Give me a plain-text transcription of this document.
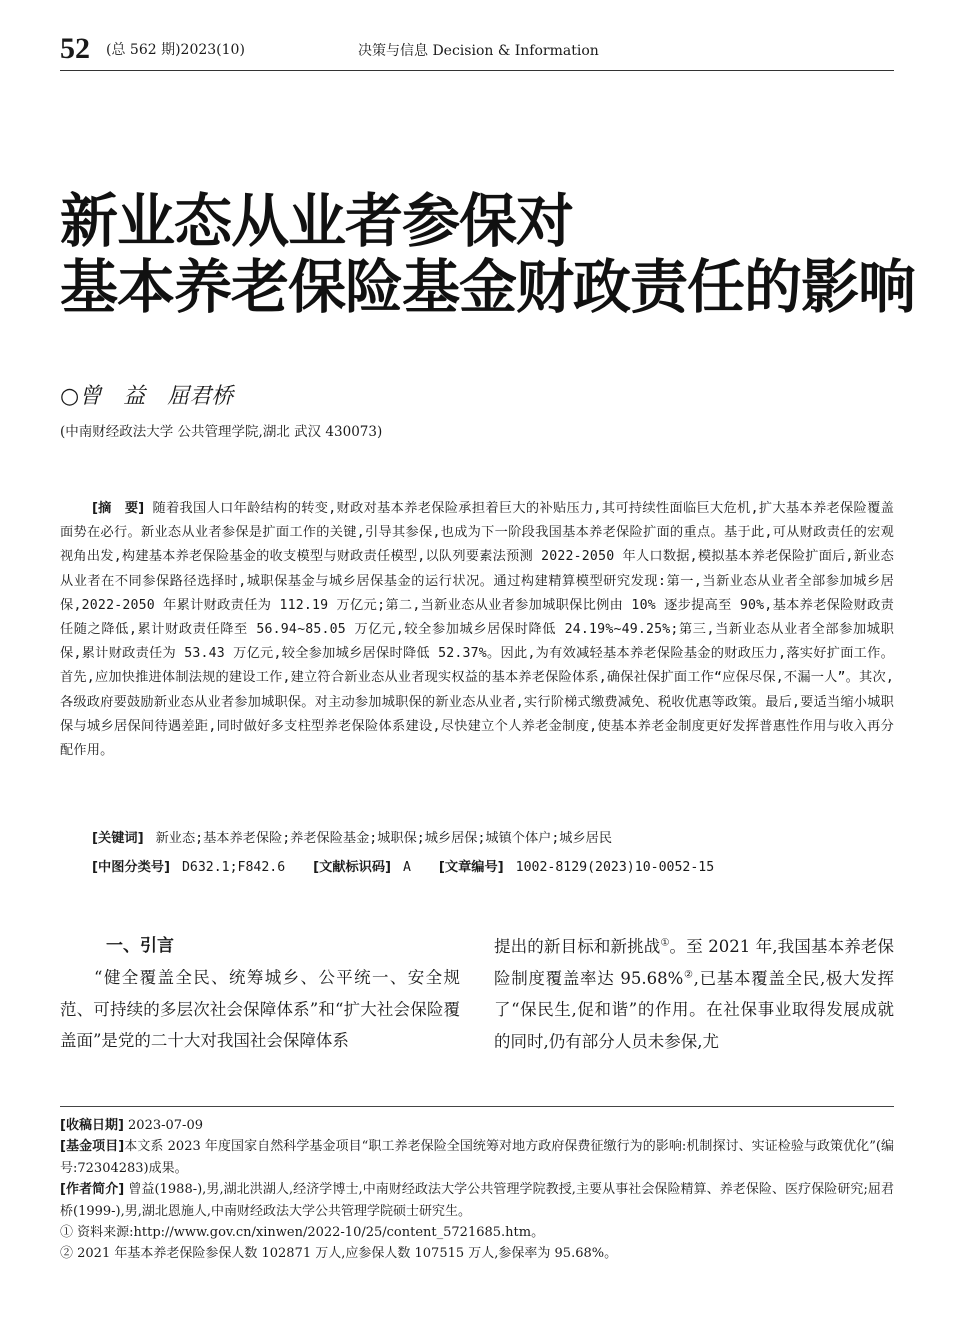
52 (总 562 期)2023(10)	决策与信息 Decision & Information
新业态从业者参保对
基本养老保险基金财政责任的影响
○曾　益　屈君桥
(中南财经政法大学 公共管理学院,湖北 武汉 430073)
[摘　要] 随着我国人口年龄结构的转变,财政对基本养老保险承担着巨大的补贴压力,其可持续性面临巨大危机,扩大基本养老保险覆盖面势在必行。新业态从业者参保是扩面工作的关键,引导其参保,也成为下一阶段我国基本养老保险扩面的重点。基于此,可从财政责任的宏观视角出发,构建基本养老保险基金的收支模型与财政责任模型,以队列要素法预测 2022-2050 年人口数据,模拟基本养老保险扩面后,新业态从业者在不同参保路径选择时,城职保基金与城乡居保基金的运行状况。通过构建精算模型研究发现:第一,当新业态从业者全部参加城乡居保,2022-2050 年累计财政责任为 112.19 万亿元;第二,当新业态从业者参加城职保比例由 10% 逐步提高至 90%,基本养老保险财政责任随之降低,累计财政责任降至 56.94~85.05 万亿元,较全参加城乡居保时降低 24.19%~49.25%;第三,当新业态从业者全部参加城职保,累计财政责任为 53.43 万亿元,较全参加城乡居保时降低 52.37%。因此,为有效减轻基本养老保险基金的财政压力,落实好扩面工作。首先,应加快推进体制法规的建设工作,建立符合新业态从业者现实权益的基本养老保险体系,确保社保扩面工作“应保尽保,不漏一人”。其次,各级政府要鼓励新业态从业者参加城职保。对主动参加城职保的新业态从业者,实行阶梯式缴费减免、税收优惠等政策。最后,要适当缩小城职保与城乡居保间待遇差距,同时做好多支柱型养老保险体系建设,尽快建立个人养老金制度,使基本养老金制度更好发挥普惠性作用与收入再分配作用。
[关键词] 新业态;基本养老保险;养老保险基金;城职保;城乡居保;城镇个体户;城乡居民
[中图分类号] D632.1;F842.6 [文献标识码] A [文章编号] 1002-8129(2023)10-0052-15
一、引言
“健全覆盖全民、统筹城乡、公平统一、安全规范、可持续的多层次社会保障体系”和“扩大社会保险覆盖面”是党的二十大对我国社会保障体系
提出的新目标和新挑战①。至 2021 年,我国基本养老保险制度覆盖率达 95.68%②,已基本覆盖全民,极大发挥了“保民生,促和谐”的作用。在社保事业取得发展成就的同时,仍有部分人员未参保,尤

[收稿日期] 2023-07-09

[基金项目]本文系 2023 年度国家自然科学基金项目“职工养老保险全国统筹对地方政府保费征缴行为的影响:机制探讨、实证检验与政策优化”(编号:72304283)成果。

[作者简介] 曾益(1988-),男,湖北洪湖人,经济学博士,中南财经政法大学公共管理学院教授,主要从事社会保险精算、养老保险、医疗保险研究;屈君桥(1999-),男,湖北恩施人,中南财经政法大学公共管理学院硕士研究生。

① 资料来源:http://www.gov.cn/xinwen/2022-10/25/content_5721685.htm。

② 2021 年基本养老保险参保人数 102871 万人,应参保人数 107515 万人,参保率为 95.68%。
